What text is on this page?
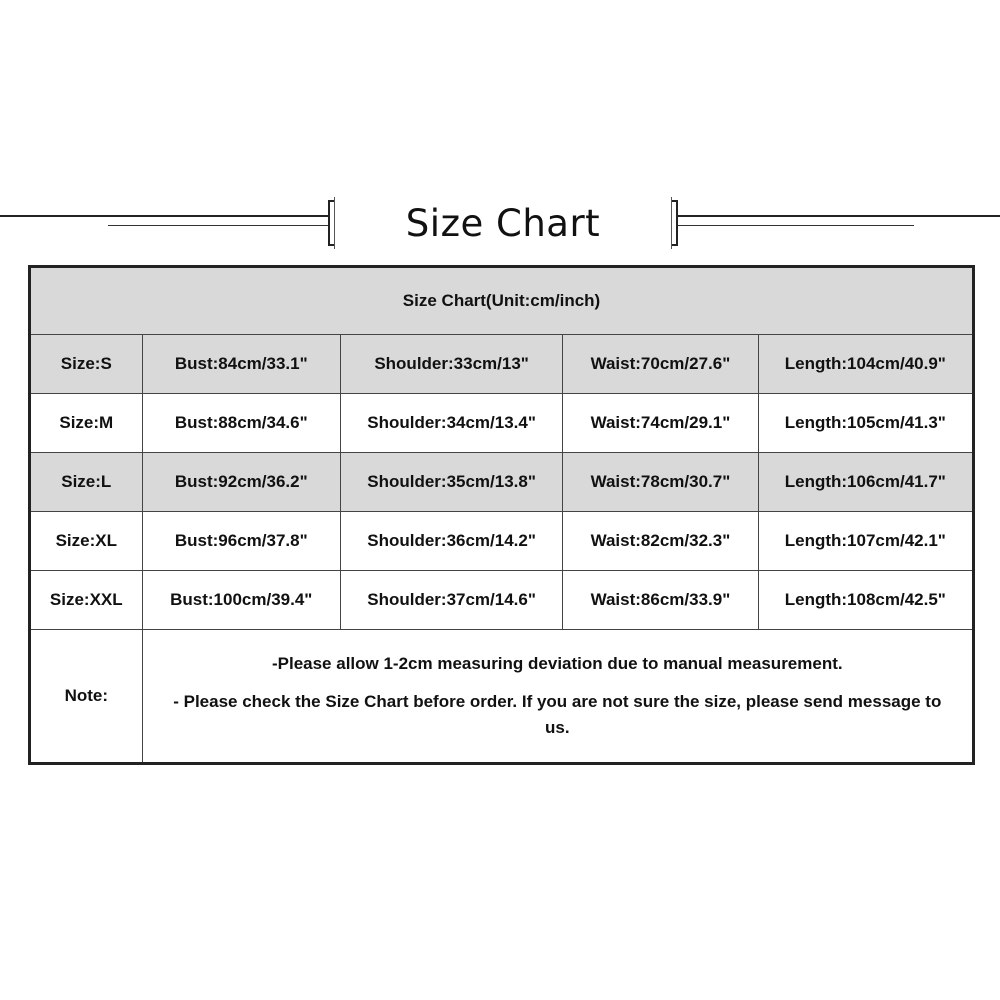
Size Chart
Size Chart(Unit:cm/inch)				
Size:S	Bust:84cm/33.1"	Shoulder:33cm/13"	Waist:70cm/27.6"	Length:104cm/40.9"
Size:M	Bust:88cm/34.6"	Shoulder:34cm/13.4"	Waist:74cm/29.1"	Length:105cm/41.3"
Size:L	Bust:92cm/36.2"	Shoulder:35cm/13.8"	Waist:78cm/30.7"	Length:106cm/41.7"
Size:XL	Bust:96cm/37.8"	Shoulder:36cm/14.2"	Waist:82cm/32.3"	Length:107cm/42.1"
Size:XXL	Bust:100cm/39.4"	Shoulder:37cm/14.6"	Waist:86cm/33.9"	Length:108cm/42.5"
Note:	-Please allow 1-2cm measuring deviation due to manual measurement.
- Please check the Size Chart before order. If you are not sure the size, please send message to us.			
